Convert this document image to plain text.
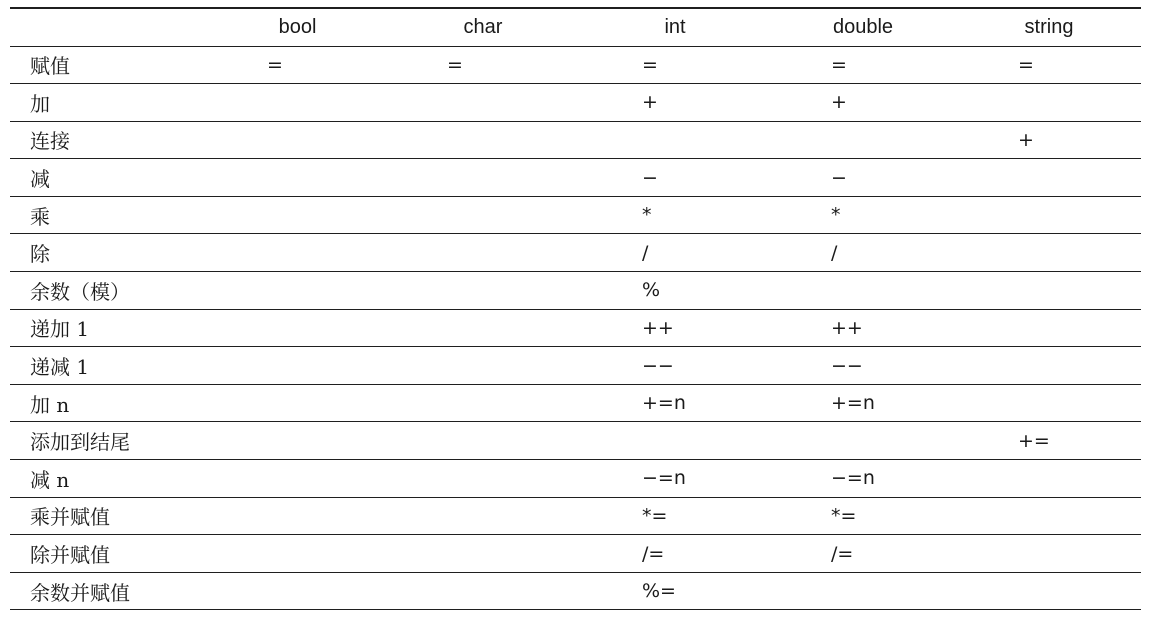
	bool	char	int	double	string
赋值	=	=	=	=	=
加			+	+	
连接					+
减			−	−	
乘			*	*	
除			/	/	
余数（模）			%		
递加 1			++	++	
递减 1			−−	−−	
加 n			+=n	+=n	
添加到结尾					+=
减 n			−=n	−=n	
乘并赋值			*=	*=	
除并赋值			/=	/=	
余数并赋值			%=		
